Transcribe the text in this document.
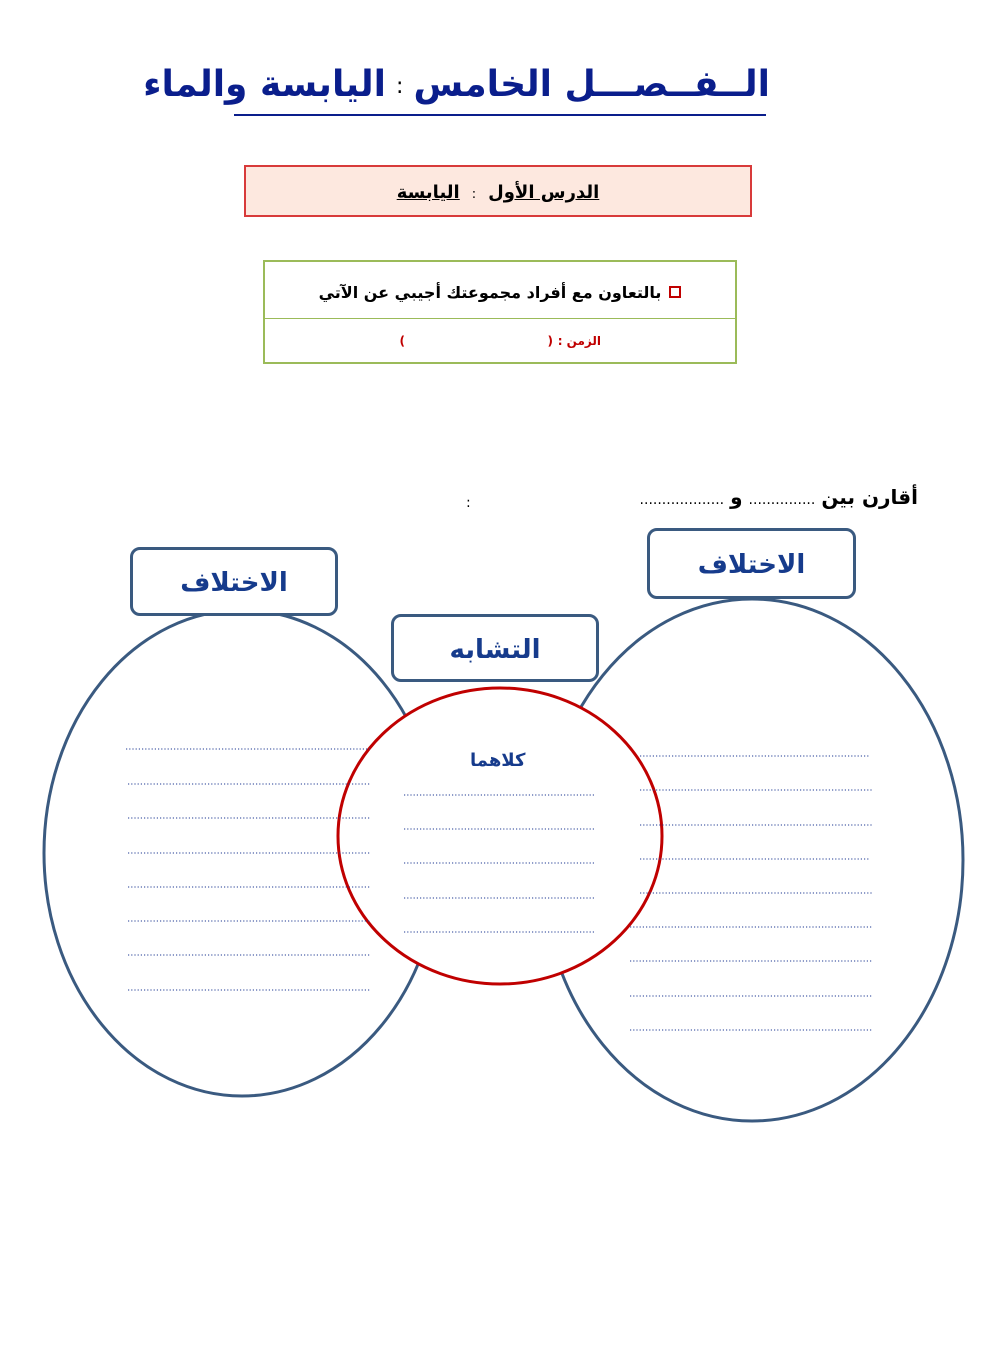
الــفــصـــل الخامس:اليابسة والماء
الدرس الأول:اليابسة
بالتعاون مع أفراد مجموعتك أجيبي عن الآتي
الزمن :
(
)
أقارن بين...............و...................
:
الاختلاف
الاختلاف
التشابه
كلاهما
